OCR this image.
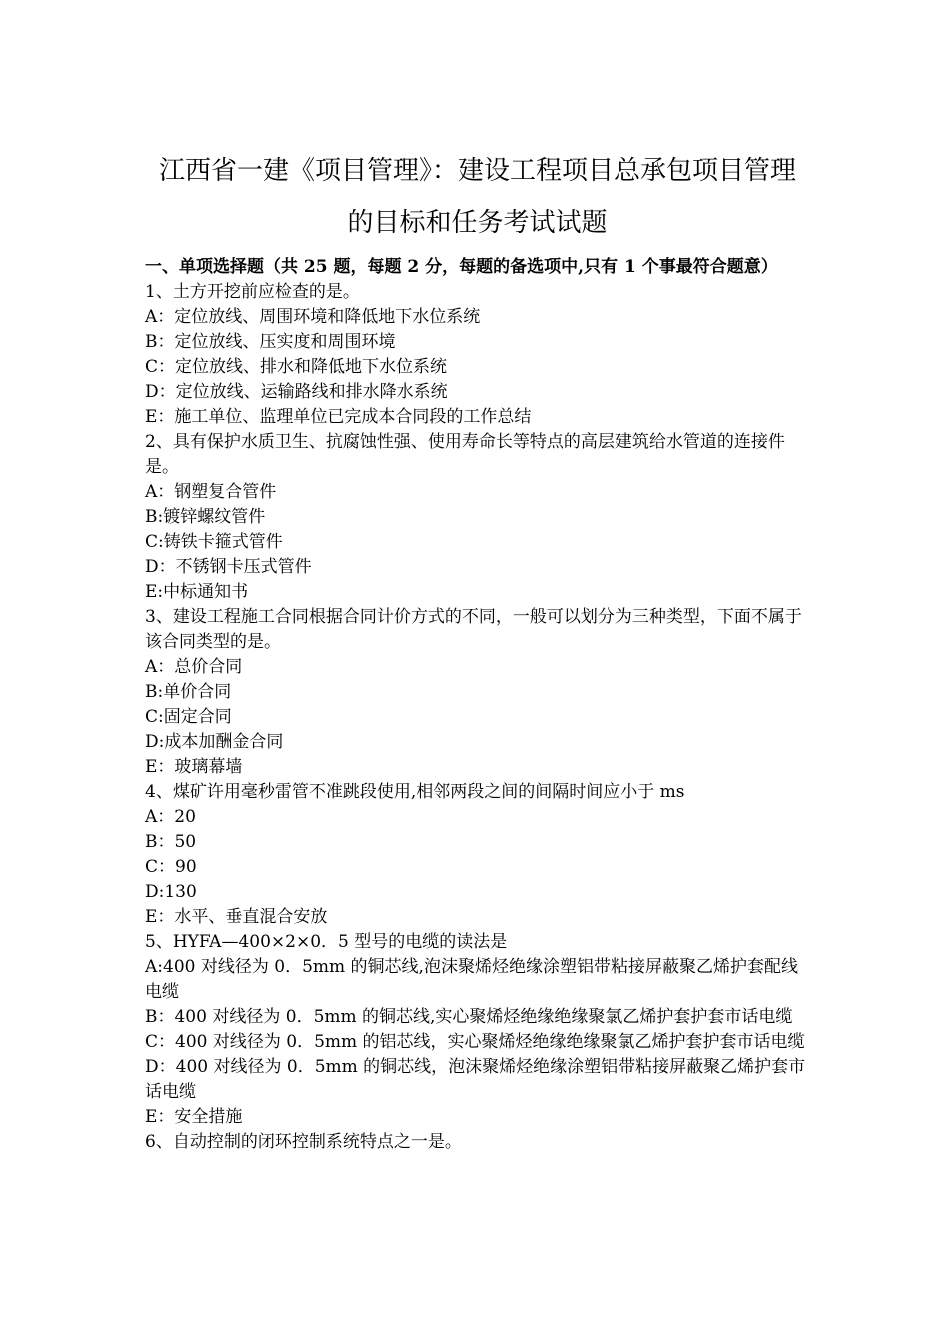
江西省一建《项目管理》：建设工程项目总承包项目管理
的目标和任务考试试题
一、单项选择题（共 25 题，每题 2 分，每题的备选项中,只有 1 个事最符合题意）
1、土方开挖前应检查的是。
A：定位放线、周围环境和降低地下水位系统
B：定位放线、压实度和周围环境
C：定位放线、排水和降低地下水位系统
D：定位放线、运输路线和排水降水系统
E：施工单位、监理单位已完成本合同段的工作总结
2、具有保护水质卫生、抗腐蚀性强、使用寿命长等特点的高层建筑给水管道的连接件是。
A：钢塑复合管件
B:镀锌螺纹管件
C:铸铁卡箍式管件
D：不锈钢卡压式管件
E:中标通知书
3、建设工程施工合同根据合同计价方式的不同，一般可以划分为三种类型，下面不属于该合同类型的是。
A：总价合同
B:单价合同
C:固定合同
D:成本加酬金合同
E：玻璃幕墙
4、煤矿许用毫秒雷管不准跳段使用,相邻两段之间的间隔时间应小于 ms
A：20
B：50
C：90
D:130
E：水平、垂直混合安放
5、HYFA—400×2×0．5 型号的电缆的读法是
A:400 对线径为 0．5mm 的铜芯线,泡沫聚烯烃绝缘涂塑铝带粘接屏蔽聚乙烯护套配线电缆
B：400 对线径为 0．5mm 的铜芯线,实心聚烯烃绝缘绝缘聚氯乙烯护套护套市话电缆
C：400 对线径为 0．5mm 的铝芯线，实心聚烯烃绝缘绝缘聚氯乙烯护套护套市话电缆
D：400 对线径为 0．5mm 的铜芯线，泡沫聚烯烃绝缘涂塑铝带粘接屏蔽聚乙烯护套市话电缆
E：安全措施
6、自动控制的闭环控制系统特点之一是。
